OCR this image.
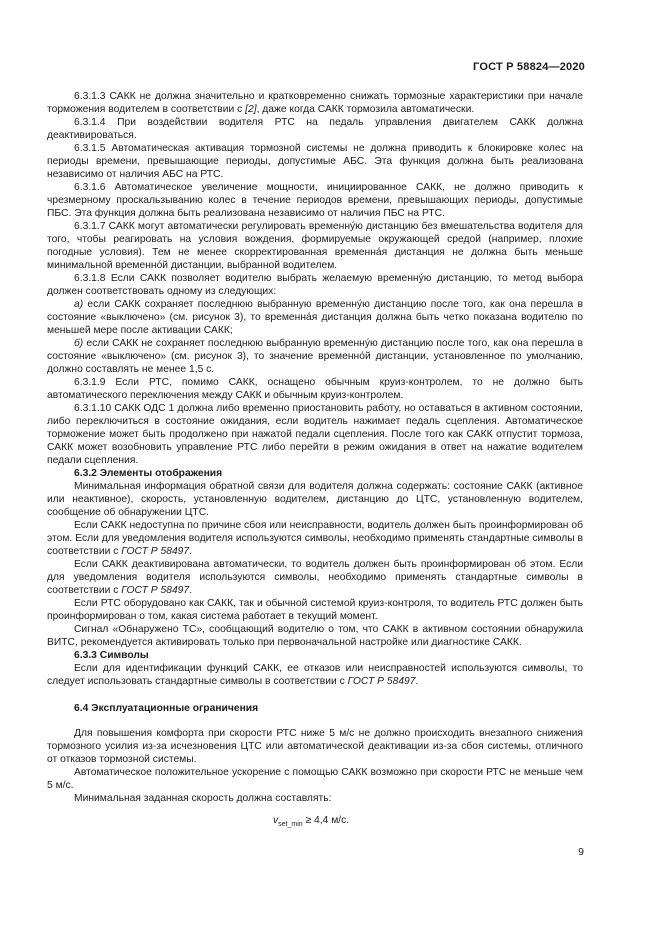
ГОСТ Р 58824—2020

6.3.1.3 САКК не должна значительно и кратковременно снижать тормозные характеристики при начале торможения водителем в соответствии с [2], даже когда САКК тормозила автоматически.

6.3.1.4 При воздействии водителя РТС на педаль управления двигателем САКК должна деактивироваться.

6.3.1.5 Автоматическая активация тормозной системы не должна приводить к блокировке колес на периоды времени, превышающие периоды, допустимые АБС. Эта функция должна быть реализована независимо от наличия АБС на РТС.

6.3.1.6 Автоматическое увеличение мощности, инициированное САКК, не должно приводить к чрезмерному проскальзыванию колес в течение периодов времени, превышающих периоды, допустимые ПБС. Эта функция должна быть реализована независимо от наличия ПБС на РТС.

6.3.1.7 САКК могут автоматически регулировать временну́ю дистанцию без вмешательства водителя для того, чтобы реагировать на условия вождения, формируемые окружающей средой (например, плохие погодные условия). Тем не менее скорректированная временна́я дистанция не должна быть меньше минимальной временно́й дистанции, выбранной водителем.

6.3.1.8 Если САКК позволяет водителю выбрать желаемую временну́ю дистанцию, то метод выбора должен соответствовать одному из следующих:

а) если САКК сохраняет последнюю выбранную временну́ю дистанцию после того, как она перешла в состояние «выключено» (см. рисунок 3), то временна́я дистанция должна быть четко показана водителю по меньшей мере после активации САКК;

б) если САКК не сохраняет последнюю выбранную временну́ю дистанцию после того, как она перешла в состояние «выключено» (см. рисунок 3), то значение временно́й дистанции, установленное по умолчанию, должно составлять не менее 1,5 с.

6.3.1.9 Если РТС, помимо САКК, оснащено обычным круиз-контролем, то не должно быть автоматического переключения между САКК и обычным круиз-контролем.

6.3.1.10 САКК ОДС 1 должна либо временно приостановить работу, но оставаться в активном состоянии, либо переключиться в состояние ожидания, если водитель нажимает педаль сцепления. Автоматическое торможение может быть продолжено при нажатой педали сцепления. После того как САКК отпустит тормоза, САКК может возобновить управление РТС либо перейти в режим ожидания в ответ на нажатие водителем педали сцепления.

6.3.2 Элементы отображения

Минимальная информация обратной связи для водителя должна содержать: состояние САКК (активное или неактивное), скорость, установленную водителем, дистанцию до ЦТС, установленную водителем, сообщение об обнаружении ЦТС.

Если САКК недоступна по причине сбоя или неисправности, водитель должен быть проинформирован об этом. Если для уведомления водителя используются символы, необходимо применять стандартные символы в соответствии с ГОСТ Р 58497.

Если САКК деактивирована автоматически, то водитель должен быть проинформирован об этом. Если для уведомления водителя используются символы, необходимо применять стандартные символы в соответствии с ГОСТ Р 58497.

Если РТС оборудовано как САКК, так и обычной системой круиз-контроля, то водитель РТС должен быть проинформирован о том, какая система работает в текущий момент.

Сигнал «Обнаружено ТС», сообщающий водителю о том, что САКК в активном состоянии обнаружила ВИТС, рекомендуется активировать только при первоначальной настройке или диагностике САКК.

6.3.3 Символы

Если для идентификации функций САКК, ее отказов или неисправностей используются символы, то следует использовать стандартные символы в соответствии с ГОСТ Р 58497.

6.4 Эксплуатационные ограничения

Для повышения комфорта при скорости РТС ниже 5 м/с не должно происходить внезапного снижения тормозного усилия из-за исчезновения ЦТС или автоматической деактивации из-за сбоя системы, отличного от отказов тормозной системы.

Автоматическое положительное ускорение с помощью САКК возможно при скорости РТС не меньше чем 5 м/с.

Минимальная заданная скорость должна составлять:

$v_{set\_min} \ge 4,4$ м/с.
9
